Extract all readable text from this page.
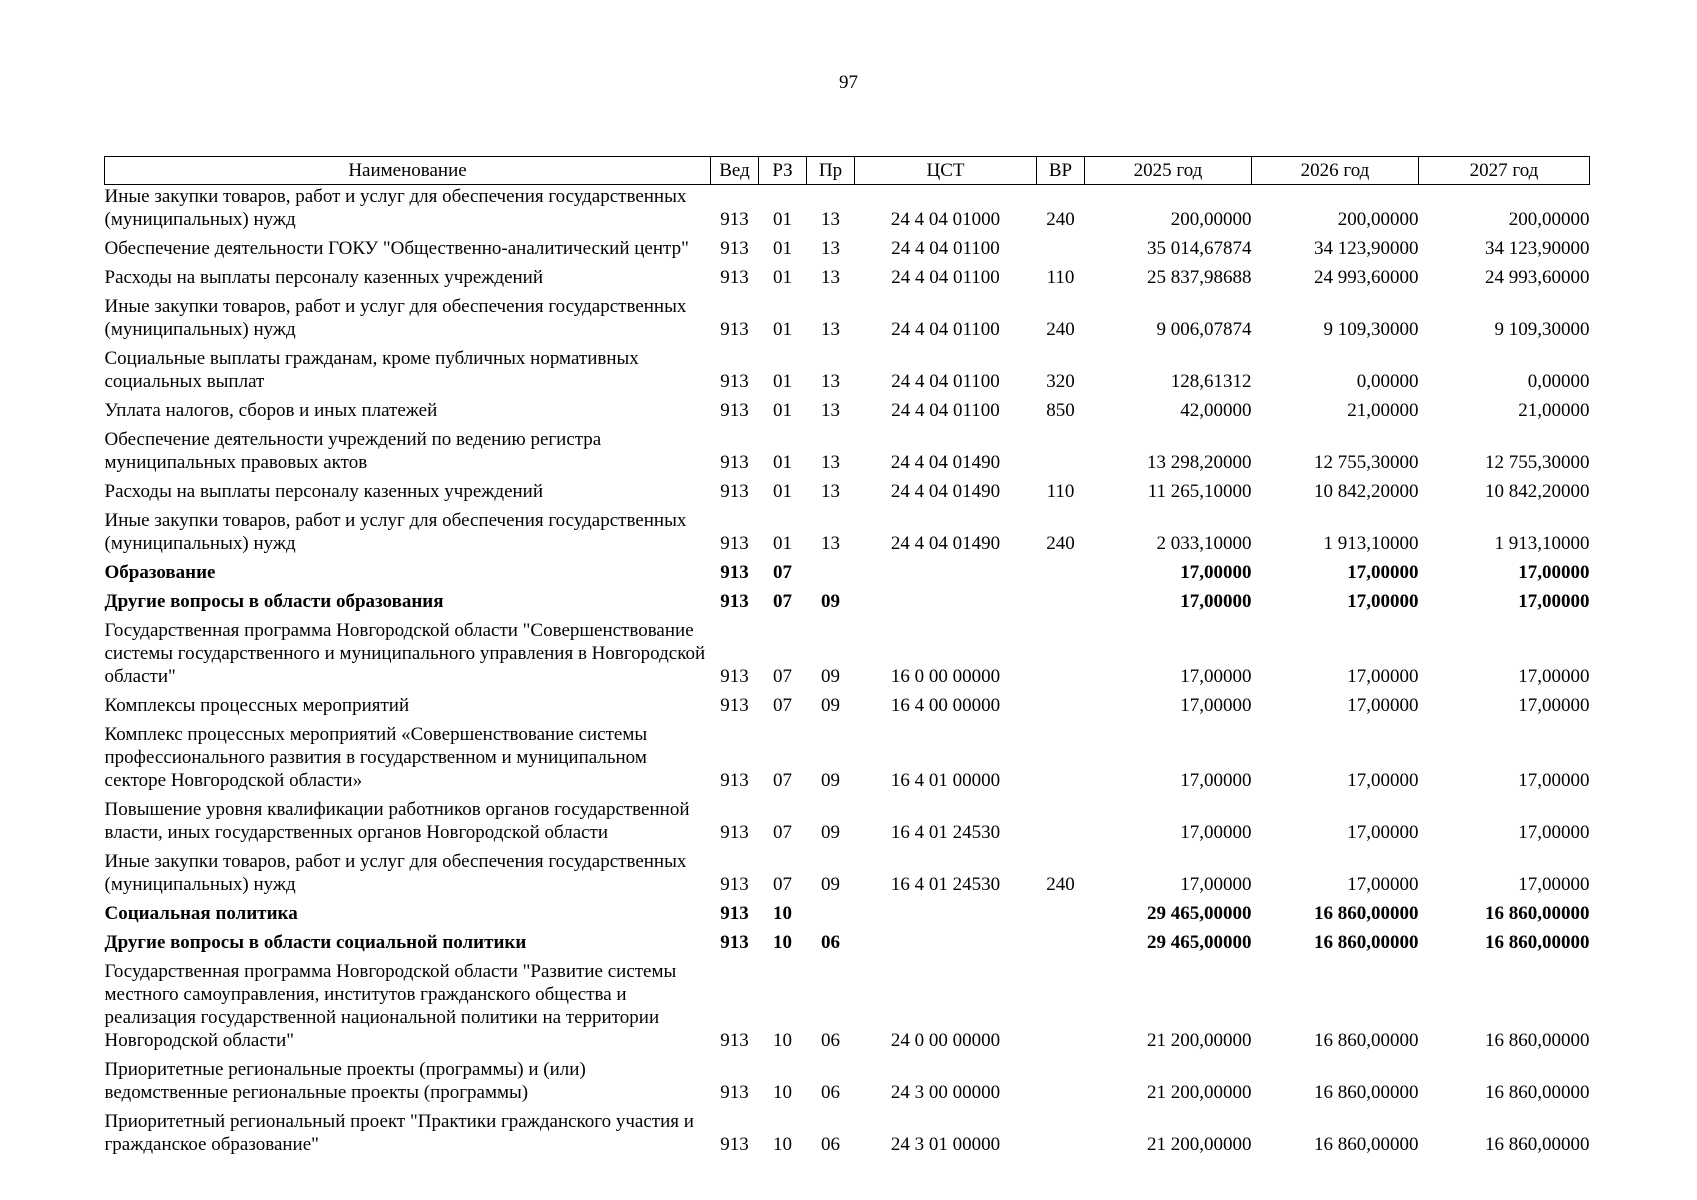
97
Наименование	Вед	РЗ	Пр	ЦСТ	ВР	2025 год	2026 год	2027 год
Иные закупки товаров, работ и услуг для обеспечения государственных (муниципальных) нужд	913	01	13	24 4 04 01000	240	200,00000	200,00000	200,00000
Обеспечение деятельности ГОКУ "Общественно-аналитический центр"	913	01	13	24 4 04 01100		35 014,67874	34 123,90000	34 123,90000
Расходы на выплаты персоналу казенных учреждений	913	01	13	24 4 04 01100	110	25 837,98688	24 993,60000	24 993,60000
Иные закупки товаров, работ и услуг для обеспечения государственных (муниципальных) нужд	913	01	13	24 4 04 01100	240	9 006,07874	9 109,30000	9 109,30000
Социальные выплаты гражданам, кроме публичных нормативных социальных выплат	913	01	13	24 4 04 01100	320	128,61312	0,00000	0,00000
Уплата налогов, сборов и иных платежей	913	01	13	24 4 04 01100	850	42,00000	21,00000	21,00000
Обеспечение деятельности учреждений по ведению регистра муниципальных правовых актов	913	01	13	24 4 04 01490		13 298,20000	12 755,30000	12 755,30000
Расходы на выплаты персоналу казенных учреждений	913	01	13	24 4 04 01490	110	11 265,10000	10 842,20000	10 842,20000
Иные закупки товаров, работ и услуг для обеспечения государственных (муниципальных) нужд	913	01	13	24 4 04 01490	240	2 033,10000	1 913,10000	1 913,10000
Образование	913	07				17,00000	17,00000	17,00000
Другие вопросы в области образования	913	07	09			17,00000	17,00000	17,00000
Государственная программа Новгородской области "Совершенствование системы государственного и муниципального управления в Новгородской области"	913	07	09	16 0 00 00000		17,00000	17,00000	17,00000
Комплексы процессных мероприятий	913	07	09	16 4 00 00000		17,00000	17,00000	17,00000
Комплекс процессных мероприятий «Совершенствование системы профессионального развития в государственном и муниципальном секторе Новгородской области»	913	07	09	16 4 01 00000		17,00000	17,00000	17,00000
Повышение уровня квалификации работников органов государственной власти, иных государственных органов Новгородской области	913	07	09	16 4 01 24530		17,00000	17,00000	17,00000
Иные закупки товаров, работ и услуг для обеспечения государственных (муниципальных) нужд	913	07	09	16 4 01 24530	240	17,00000	17,00000	17,00000
Социальная политика	913	10				29 465,00000	16 860,00000	16 860,00000
Другие вопросы в области социальной политики	913	10	06			29 465,00000	16 860,00000	16 860,00000
Государственная программа Новгородской области "Развитие системы местного самоуправления, институтов гражданского общества и реализация государственной национальной политики на территории Новгородской области"	913	10	06	24 0 00 00000		21 200,00000	16 860,00000	16 860,00000
Приоритетные региональные проекты (программы) и (или) ведомственные региональные проекты (программы)	913	10	06	24 3 00 00000		21 200,00000	16 860,00000	16 860,00000
Приоритетный региональный проект "Практики гражданского участия и гражданское образование"	913	10	06	24 3 01 00000		21 200,00000	16 860,00000	16 860,00000
